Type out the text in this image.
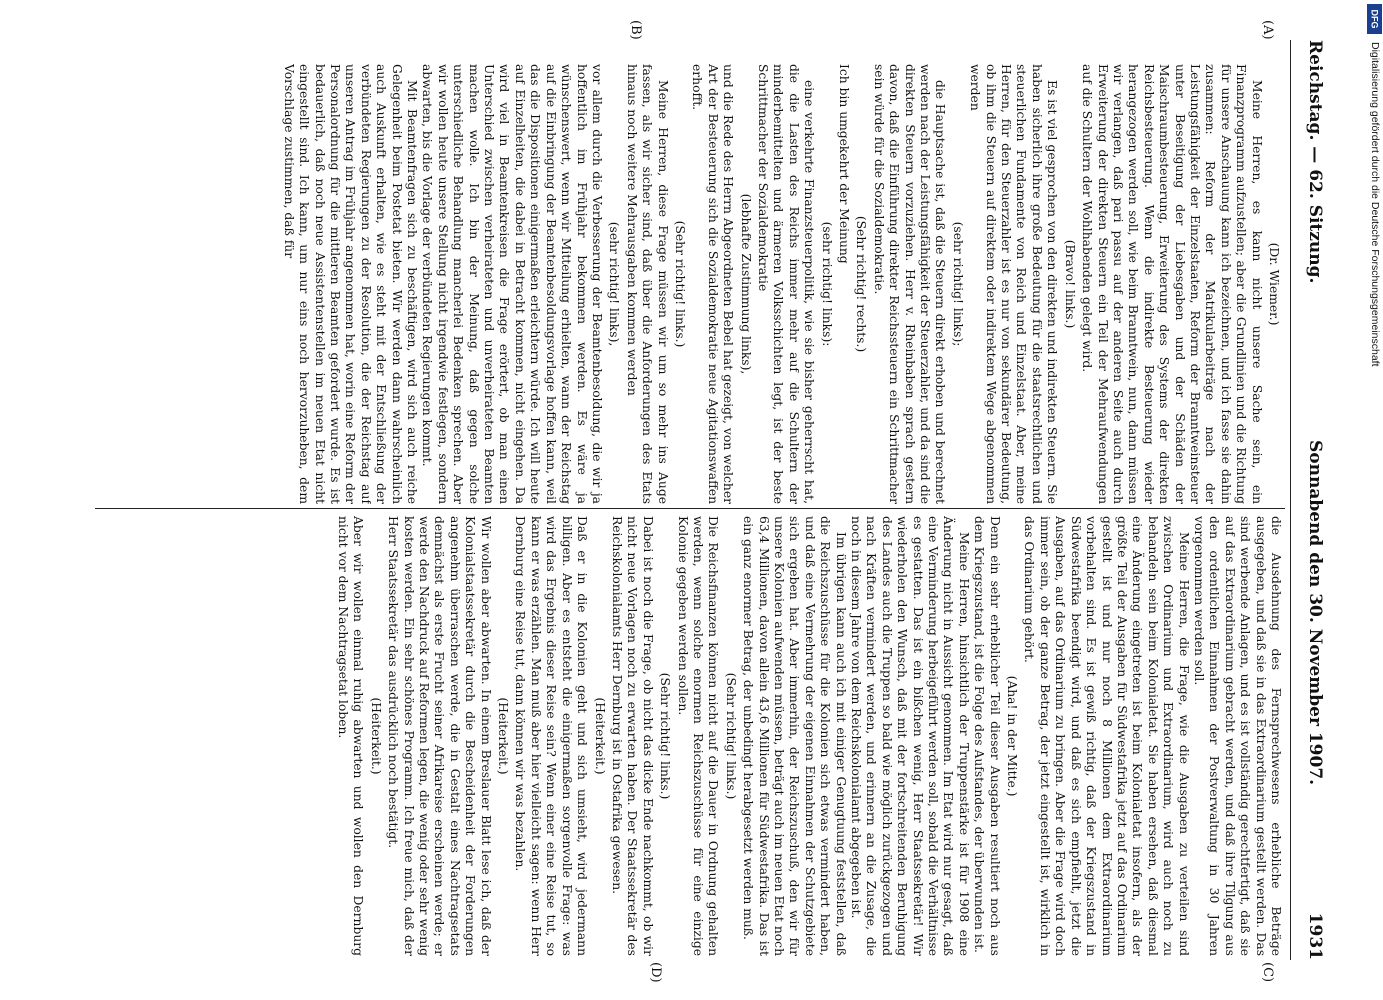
Reichstag. — 62. Sitzung.
Sonnabend den 30. November 1907.
1931
(A)
(B)
(C)
(D)
(Dr. Wiemer.)

Meine Herren, es kann nicht unsere Sache sein, ein Finanzprogramm aufzustellen; aber die Grundlinien und die Richtung für unsere Anschauung kann ich bezeichnen, und ich fasse sie dahin zusammen: Reform der Matrikularbeiträge nach der Leistungsfähigkeit der Einzelstaaten, Reform der Branntweinsteuer unter Beseitigung der Liebesgaben und der Schäden der Maischraumbesteuerung, Erweiterung des Systems der direkten Reichsbesteuerung. Wenn die indirekte Besteuerung wieder herangezogen werden soll, wie beim Branntwein, nun, dann müssen wir verlangen, daß pari passu auf der anderen Seite auch durch Erweiterung der direkten Steuern ein Teil der Mehraufwendungen auf die Schultern der Wohlhabenden gelegt wird.

(Bravo! links.)

Es ist viel gesprochen von den direkten und indirekten Steuern. Sie haben sicherlich ihre große Bedeutung für die staatsrechtlichen und steuerlichen Fundamente von Reich und Einzelstaat. Aber, meine Herren, für den Steuerzahler ist es nur von sekundärer Bedeutung, ob ihm die Steuern auf direktem oder indirektem Wege abgenommen werden

(sehr richtig! links);

die Hauptsache ist, daß die Steuern direkt erhoben und berechnet werden nach der Leistungsfähigkeit der Steuerzahler, und da sind die direkten Steuern vorzuziehen. Herr v. Rheinbaben sprach gestern davon, daß die Einführung direkter Reichssteuern ein Schrittmacher sein würde für die Sozialdemokratie.

(Sehr richtig! rechts.)

Ich bin umgekehrt der Meinung

(sehr richtig! links):

eine verkehrte Finanzsteuerpolitik, wie sie bisher geherrscht hat, die die Lasten des Reichs immer mehr auf die Schultern der minderbemittelten und ärmeren Volksschichten legt, ist der beste Schrittmacher der Sozialdemokratie

(lebhafte Zustimmung links),

und die Rede des Herrn Abgeordneten Bebel hat gezeigt, von welcher Art der Besteuerung sich die Sozialdemokratie neue Agitationswaffen erhofft.

(Sehr richtig! links.)

Meine Herren, diese Frage müssen wir um so mehr ins Auge fassen, als wir sicher sind, daß über die Anforderungen des Etats hinaus noch weitere Mehrausgaben kommen werden

(sehr richtig! links),

vor allem durch die Verbesserung der Beamtenbesoldung, die wir ja hoffentlich im Frühjahr bekommen werden. Es wäre ja wünschenswert, wenn wir Mitteilung erhielten, wann der Reichstag auf die Einbringung der Beamtenbesoldungsvorlage hoffen kann, weil das die Dispositionen einigermaßen erleichtern würde. Ich will heute auf Einzelheiten, die dabei in Betracht kommen, nicht eingehen. Da wird viel in Beamtenkreisen die Frage erörtert, ob man einen Unterschied zwischen verheirateten und unverheirateten Beamten machen wolle. Ich bin der Meinung, daß gegen solche unterschiedliche Behandlung mancherlei Bedenken sprechen. Aber wir wollen heute unsere Stellung nicht irgendwie festlegen, sondern abwarten, bis die Vorlage der verbündeten Regierungen kommt.

Mit Beamtenfragen sich zu beschäftigen, wird sich auch reiche Gelegenheit beim Postetat bieten. Wir werden dann wahrscheinlich auch Auskunft erhalten, wie es steht mit der Entschließung der verbündeten Regierungen zu der Resolution, die der Reichstag auf unseren Antrag im Frühjahr angenommen hat, worin eine Reform der Personalordnung für die mittleren Beamten gefordert wurde. Es ist bedauerlich, daß noch neue Assistentenstellen im neuen Etat nicht eingestellt sind. Ich kann, um nur eins noch hervorzuheben, dem Vorschlage zustimmen, daß für

die Ausdehnung des Fernsprechwesens erhebliche Beträge ausgegeben, und daß sie in das Extraordinarium gestellt werden. Das sind werbende Anlagen, und es ist vollständig gerechtfertigt, daß sie auf das Extraordinarium gebracht werden, und daß ihre Tilgung aus den ordentlichen Einnahmen der Postverwaltung in 30 Jahren vorgenommen werden soll.

Meine Herren, die Frage, wie die Ausgaben zu verteilen sind zwischen Ordinarium und Extraordinarium, wird auch noch zu behandeln sein beim Kolonialetat. Sie haben ersehen, daß diesmal eine Änderung eingetreten ist beim Kolonialetat insofern, als der größte Teil der Ausgaben für Südwestafrika jetzt auf das Ordinarium gestellt ist und nur noch 8 Millionen dem Extraordinarium vorbehalten sind. Es ist gewiß richtig, daß der Kriegszustand in Südwestafrika beendigt wird, und daß es sich empfiehlt, jetzt die Ausgaben, auf das Ordinarium zu bringen. Aber die Frage wird doch immer sein, ob der ganze Betrag, der jetzt eingestellt ist, wirklich in das Ordinarium gehört.

(Aha! in der Mitte.)

Denn ein sehr erheblicher Teil dieser Ausgaben resultiert noch aus dem Kriegszustand, ist die Folge des Aufstandes, der überwunden ist.

Meine Herren, hinsichtlich der Truppenstärke ist für 1908 eine Änderung nicht in Aussicht genommen. Im Etat wird nur gesagt, daß eine Verminderung herbeigeführt werden soll, sobald die Verhältnisse es gestatten. Das ist ein bißchen wenig, Herr Staatssekretär! Wir wiederholen den Wunsch, daß mit der fortschreitenden Beruhigung des Landes auch die Truppen so bald wie möglich zurückgezogen und nach Kräften vermindert werden, und erinnern an die Zusage, die noch in diesem Jahre von dem Reichskolonialamt abgegeben ist.

Im übrigen kann auch ich mit einiger Genugtuung feststellen, daß die Reichszuschüsse für die Kolonien sich etwas vermindert haben, und daß eine Vermehrung der eigenen Einnahmen der Schutzgebiete sich ergeben hat. Aber immerhin, der Reichszuschuß, den wir für unsere Kolonien aufwenden müssen, beträgt auch im neuen Etat noch 63,4 Millionen, davon allein 43,6 Millionen für Südwestafrika. Das ist ein ganz enormer Betrag, der unbedingt herabgesetzt werden muß.

(Sehr richtig! links.)

Die Reichsfinanzen können nicht auf die Dauer in Ordnung gehalten werden, wenn solche enormen Reichszuschüsse für eine einzige Kolonie gegeben werden sollen.

(Sehr richtig! links.)

Dabei ist noch die Frage, ob nicht das dicke Ende nachkommt, ob wir nicht neue Vorlagen noch zu erwarten haben. Der Staatssekretär des Reichskolonialamts Herr Dernburg ist in Ostafrika gewesen.

(Heiterkeit.)

Daß er in die Kolonien geht und sich umsieht, wird jedermann billigen. Aber es entsteht die einigermaßen sorgenvolle Frage: was wird das Ergebnis dieser Reise sein? Wenn einer eine Reise tut, so kann er was erzählen. Man muß aber hier vielleicht sagen: wenn Herr Dernburg eine Reise tut, dann können wir was bezahlen.

(Heiterkeit.)

Wir wollen aber abwarten. In einem Breslauer Blatt lese ich, daß der Kolonialstaatssekretär durch die Bescheidenheit der Forderungen angenehm überraschen werde, die in Gestalt eines Nachtragsetats demnächst als erste Frucht seiner Afrikareise erscheinen werde; er werde den Nachdruck auf Reformen legen, die wenig oder sehr wenig kosten werden. Ein sehr schönes Programm. Ich freue mich, daß der Herr Staatssekretär das ausdrücklich noch bestätigt.

(Heiterkeit.)

Aber wir wollen einmal ruhig abwarten und wollen den Dernburg nicht vor dem Nachtragsetat loben.

Digitalisierung gefördert durch die Deutsche Forschungsgemeinschaft
DFG
